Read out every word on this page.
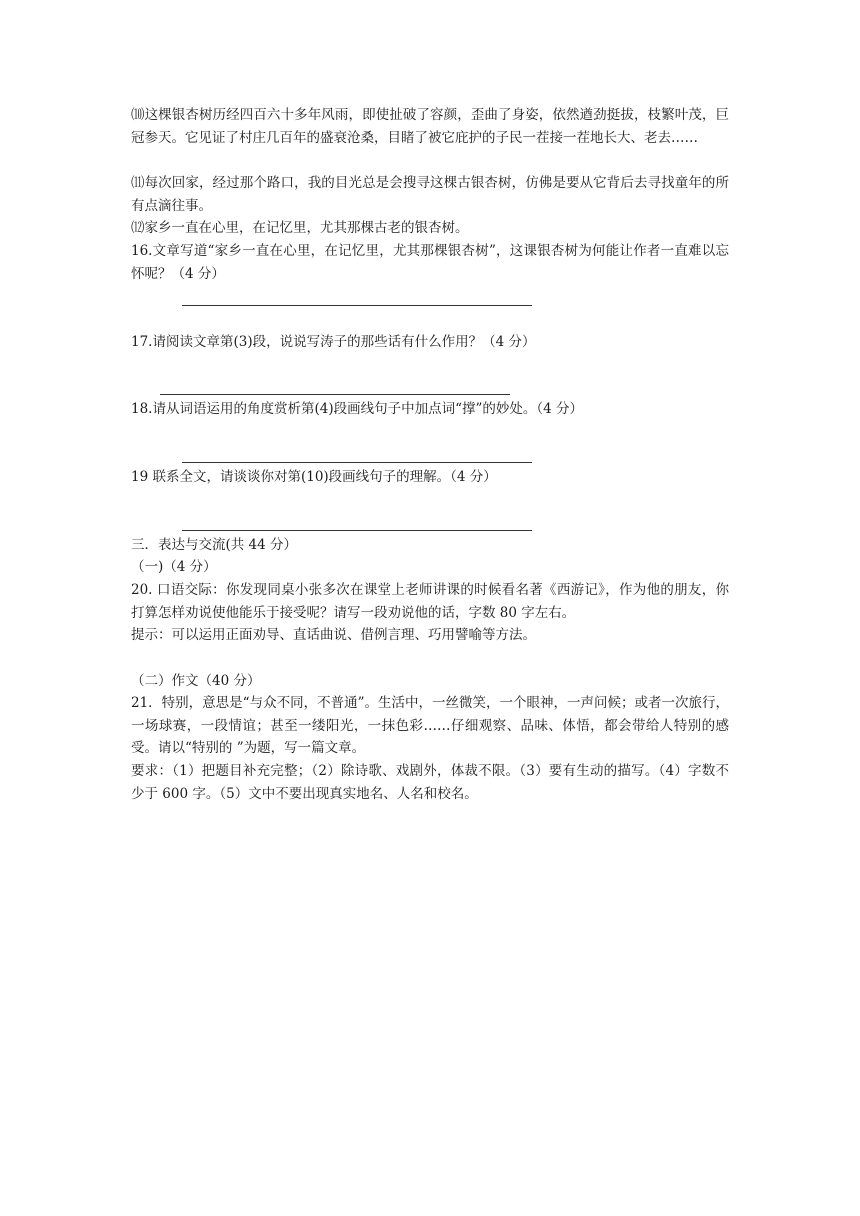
⑽这棵银杏树历经四百六十多年风雨，即使扯破了容颜，歪曲了身姿，依然遒劲挺拔，枝繁叶茂，巨冠参天。它见证了村庄几百年的盛衰沧桑，目睹了被它庇护的子民一茬接一茬地长大、老去……

⑾每次回家，经过那个路口，我的目光总是会搜寻这棵古银杏树，仿佛是要从它背后去寻找童年的所有点滴往事。

⑿家乡一直在心里，在记忆里，尤其那棵古老的银杏树。

16.文章写道“家乡一直在心里，在记忆里，尤其那棵银杏树”，这课银杏树为何能让作者一直难以忘怀呢？（4 分）

17.请阅读文章第(3)段，说说写涛子的那些话有什么作用？（4 分）

18.请从词语运用的角度赏析第(4)段画线句子中加点词“撑”的妙处。（4 分）

19 联系全文，请谈谈你对第(10)段画线句子的理解。（4 分）

三．表达与交流(共 44 分）

（一)（4 分）

20. 口语交际：你发现同桌小张多次在课堂上老师讲课的时候看名著《西游记》，作为他的朋友，你打算怎样劝说使他能乐于接受呢？请写一段劝说他的话，字数 80 字左右。

提示：可以运用正面劝导、直话曲说、借例言理、巧用譬喻等方法。

（二）作文（40 分）

21．特别，意思是“与众不同，不普通”。生活中，一丝微笑，一个眼神，一声问候；或者一次旅行，一场球赛，一段情谊；甚至一缕阳光，一抹色彩……仔细观察、品味、体悟，都会带给人特别的感受。请以“特别的 ”为题，写一篇文章。

要求：（1）把题目补充完整；（2）除诗歌、戏剧外，体裁不限。（3）要有生动的描写。（4）字数不少于 600 字。（5）文中不要出现真实地名、人名和校名。
